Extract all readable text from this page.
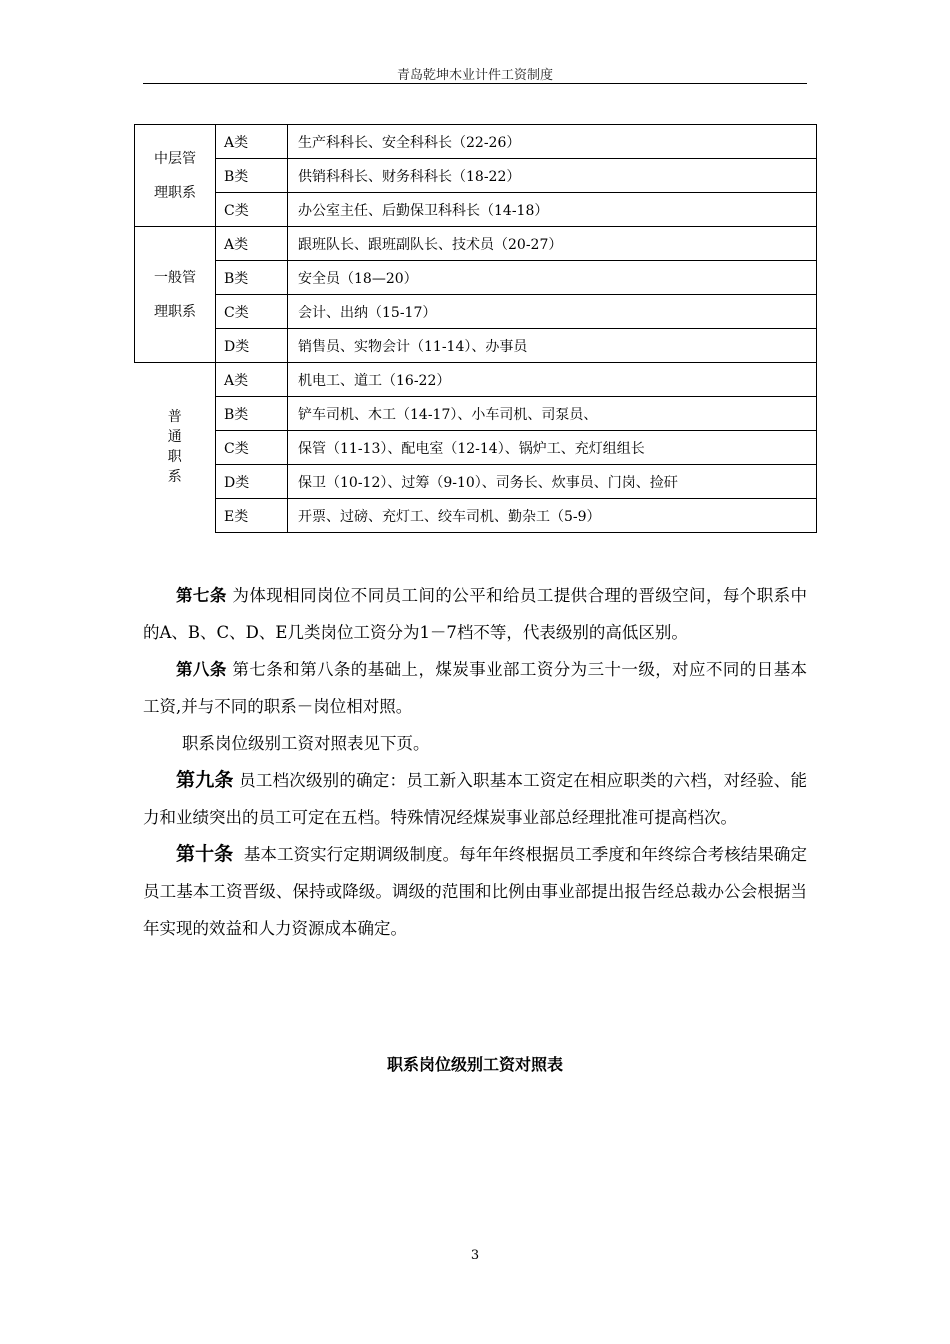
青岛乾坤木业计件工资制度
中层管
理职系	A类	生产科科长、安全科科长（22-26）
	B类	供销科科长、财务科科长（18-22）
	C类	办公室主任、后勤保卫科科长（14-18）

一般管
理职系	A类	跟班队长、跟班副队长、技术员（20-27）
	B类	安全员（18—20）
	C类	会计、出纳（15-17）
	D类	销售员、实物会计（11-14）、办事员
普通职系	A类	机电工、道工（16-22）
	B类	铲车司机、木工（14-17）、小车司机、司泵员、
	C类	保管（11-13）、配电室（12-14）、锅炉工、充灯组组长
	D类	保卫（10-12）、过筹（9-10）、司务长、炊事员、门岗、捡矸
	E类	开票、过磅、充灯工、绞车司机、勤杂工（5-9）

第七条 为体现相同岗位不同员工间的公平和给员工提供合理的晋级空间，每个职系中的A、B、C、D、E几类岗位工资分为1－7档不等，代表级别的高低区别。

第八条 第七条和第八条的基础上，煤炭事业部工资分为三十一级，对应不同的日基本工资,并与不同的职系－岗位相对照。

职系岗位级别工资对照表见下页。

第九条 员工档次级别的确定：员工新入职基本工资定在相应职类的六档，对经验、能力和业绩突出的员工可定在五档。特殊情况经煤炭事业部总经理批准可提高档次。

第十条 基本工资实行定期调级制度。每年年终根据员工季度和年终综合考核结果确定员工基本工资晋级、保持或降级。调级的范围和比例由事业部提出报告经总裁办公会根据当年实现的效益和人力资源成本确定。

职系岗位级别工资对照表
3
